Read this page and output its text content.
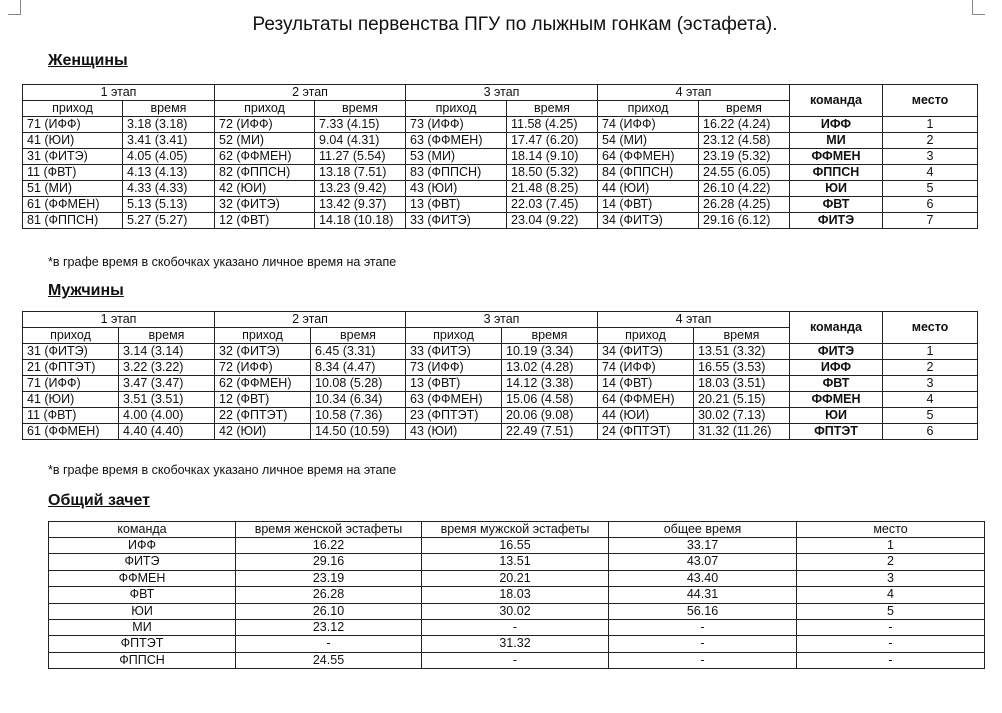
Результаты первенства ПГУ по лыжным гонкам (эстафета).
Женщины
1 этап		2 этап		3 этап		4 этап		команда	место
приход	время	приход	время	приход	время	приход	время		
71 (ИФФ)	3.18 (3.18)	72 (ИФФ)	7.33 (4.15)	73 (ИФФ)	11.58 (4.25)	74 (ИФФ)	16.22 (4.24)	ИФФ	1
41 (ЮИ)	3.41 (3.41)	52 (МИ)	9.04 (4.31)	63 (ФФМЕН)	17.47 (6.20)	54 (МИ)	23.12 (4.58)	МИ	2
31 (ФИТЭ)	4.05 (4.05)	62 (ФФМЕН)	11.27 (5.54)	53 (МИ)	18.14 (9.10)	64 (ФФМЕН)	23.19 (5.32)	ФФМЕН	3
11 (ФВТ)	4.13 (4.13)	82 (ФППСН)	13.18 (7.51)	83 (ФППСН)	18.50 (5.32)	84 (ФППСН)	24.55 (6.05)	ФППСН	4
51 (МИ)	4.33 (4.33)	42 (ЮИ)	13.23 (9.42)	43 (ЮИ)	21.48 (8.25)	44 (ЮИ)	26.10 (4.22)	ЮИ	5
61 (ФФМЕН)	5.13 (5.13)	32 (ФИТЭ)	13.42 (9.37)	13 (ФВТ)	22.03 (7.45)	14 (ФВТ)	26.28 (4.25)	ФВТ	6
81 (ФППСН)	5.27 (5.27)	12 (ФВТ)	14.18 (10.18)	33 (ФИТЭ)	23.04 (9.22)	34 (ФИТЭ)	29.16 (6.12)	ФИТЭ	7
*в графе время в скобочках указано личное время на этапе
Мужчины
1 этап		2 этап		3 этап		4 этап		команда	место
приход	время	приход	время	приход	время	приход	время		
31 (ФИТЭ)	3.14 (3.14)	32 (ФИТЭ)	6.45 (3.31)	33 (ФИТЭ)	10.19 (3.34)	34 (ФИТЭ)	13.51 (3.32)	ФИТЭ	1
21 (ФПТЭТ)	3.22 (3.22)	72 (ИФФ)	8.34 (4.47)	73 (ИФФ)	13.02 (4.28)	74 (ИФФ)	16.55 (3.53)	ИФФ	2
71 (ИФФ)	3.47 (3.47)	62 (ФФМЕН)	10.08 (5.28)	13 (ФВТ)	14.12 (3.38)	14 (ФВТ)	18.03 (3.51)	ФВТ	3
41 (ЮИ)	3.51 (3.51)	12 (ФВТ)	10.34 (6.34)	63 (ФФМЕН)	15.06 (4.58)	64 (ФФМЕН)	20.21 (5.15)	ФФМЕН	4
11 (ФВТ)	4.00 (4.00)	22 (ФПТЭТ)	10.58 (7.36)	23 (ФПТЭТ)	20.06 (9.08)	44 (ЮИ)	30.02 (7.13)	ЮИ	5
61 (ФФМЕН)	4.40 (4.40)	42 (ЮИ)	14.50 (10.59)	43 (ЮИ)	22.49 (7.51)	24 (ФПТЭТ)	31.32 (11.26)	ФПТЭТ	6
*в графе время в скобочках указано личное время на этапе
Общий зачет
команда	время женской эстафеты	время мужской эстафеты	общее время	место
ИФФ	16.22	16.55	33.17	1
ФИТЭ	29.16	13.51	43.07	2
ФФМЕН	23.19	20.21	43.40	3
ФВТ	26.28	18.03	44.31	4
ЮИ	26.10	30.02	56.16	5
МИ	23.12	-	-	-
ФПТЭТ	-	31.32	-	-
ФППСН	24.55	-	-	-
